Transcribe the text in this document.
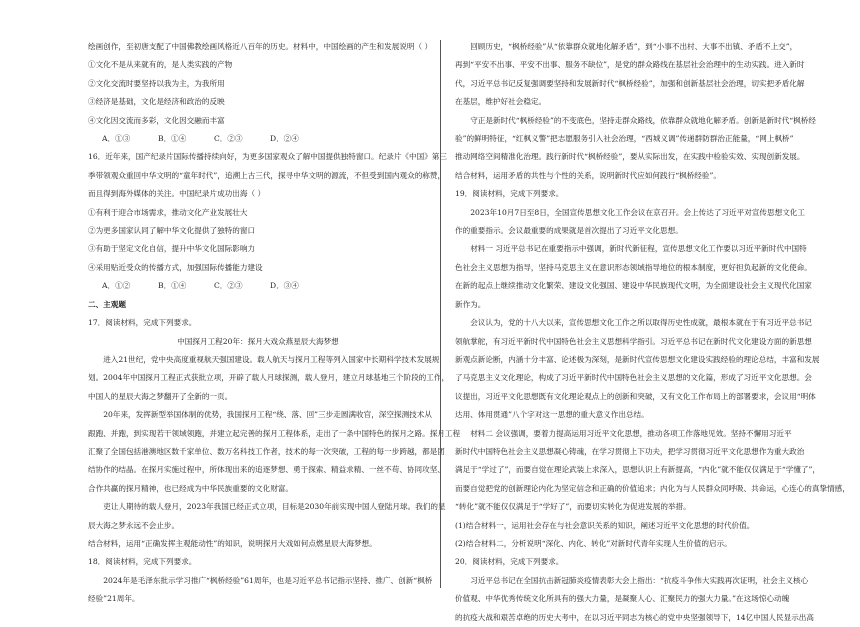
绘画创作，至初唐支配了中国佛教绘画风格近八百年的历史。材料中，中国绘画的产生和发展说明（ ）

①文化不是从来就有的，是人类实践的产物

②文化交流时要坚持以我为主，为我所用

③经济是基础，文化是经济和政治的反映

④文化因交流而多彩，文化因交融而丰富

A．①③	B．①④	C．②③	D．②④

16．近年来，国产纪录片国际传播持续向好，为更多国家观众了解中国提供独特窗口。纪录片《中国》第三

季带领观众重回中华文明的“童年时代”，追溯上古三代，探寻中华文明的源流，不但受到国内观众的称赞，

而且得到海外媒体的关注。中国纪录片成功出海（ ）

①有利于迎合市场需求，推动文化产业发展壮大

②为更多国家认同了解中华文化提供了独特的窗口

③有助于坚定文化自信，提升中华文化国际影响力

④采用贴近受众的传播方式，加强国际传播能力建设

A．①②	B．①④	C．②③	D．③④

二、主观题

17．阅读材料，完成下列要求。

中国探月工程20年：探月大戏众燕星辰大海梦想

进入21世纪，党中央高度重视航天强国建设。载人航天与探月工程等列入国家中长期科学技术发展规

划。2004年中国探月工程正式获批立项，开辟了载人月球探测，载人登月，建立月球基地三个阶段的工作，

中国人的星辰大海之梦翻开了全新的一页。

20年来，发挥新型举国体制的优势，我国探月工程“绕、落、回”三步走圆满收官，深空探测技术从

跟跑、并跑，到实现若干领域领跑，并建立起完善的探月工程体系，走出了一条中国特色的探月之路。探月工程

汇聚了全国包括港澳地区数千家单位、数万名科技工作者，技术的每一次突破，工程的每一步跨越，都是团

结协作的结晶。在探月实施过程中，所体现出来的追逐梦想、勇于探索、精益求精、一丝不苟、协同攻坚、

合作共赢的探月精神，也已经成为中华民族重要的文化财富。

吏让人期待的载人登月，2023年我国已经正式立项，目标是2030年前实现中国人登陆月球。我们的星

辰大海之梦永远不会止步。

结合材料，运用“正确发挥主观能动性”的知识，说明探月大戏如何点燃星辰大海梦想。

18．阅读材料，完成下列要求。

2024年是毛泽东批示学习推广“枫桥经验”61周年，也是习近平总书记指示坚持、推广、创新“枫桥

经验”21周年。

回顾历史，“枫桥经验”从“依靠群众就地化解矛盾”，到“小事不出村、大事不出镇、矛盾不上交”，

再到“平安不出事、平安不出事、服务不缺位”，是党的群众路线在基层社会治理中的生动实践。进入新时

代，习近平总书记反复强调要坚持和发展新时代“枫桥经验”，加强和创新基层社会治理，切实把矛盾化解

在基层，维护好社会稳定。

守正是新时代“枫桥经验”的不变底色，坚持走群众路线，依靠群众就地化解矛盾。创新是新时代“枫桥经

验”的鲜明特征，“红枫义警”把志愿服务引入社会治理，“西城义调”传递群防群治正能量，“网上枫桥”

推动网络空间精准化治理。践行新时代“枫桥经验”，要从实际出发，在实践中检验实效、实现创新发展。

结合材料，运用矛盾的共性与个性的关系，说明新时代应如何践行“枫桥经验”。

19．阅读材料，完成下列要求。

2023年10月7日至8日，全国宣传思想文化工作会议在京召开。会上传达了习近平对宣传思想文化工

作的重要指示。会议最重要的成果就是首次提出了习近平文化思想。

材料一 习近平总书记在重要指示中强调，新时代新征程，宣传思想文化工作要以习近平新时代中国特

色社会主义思想为指导，坚持马克思主义在意识形态领域指导地位的根本制度，更好担负起新的文化使命。

在新的起点上继续推动文化繁荣、建设文化强国、建设中华民族现代文明，为全面建设社会主义现代化国家

新作为。

会议认为，党的十八大以来，宣传思想文化工作之所以取得历史性成就，最根本就在于有习近平总书记

领航掌舵，有习近平新时代中国特色社会主义思想科学指引。习近平总书记在新时代文化建设方面的新思想

新观点新论断，内涵十分丰富、论述极为深刻，是新时代宣传思想文化建设实践经验的理论总结，丰富和发展

了马克思主义文化理论，构成了习近平新时代中国特色社会主义思想的文化篇，形成了习近平文化思想。会

议提出，习近平文化思想既有文化理论观点上的创新和突破，又有文化工作布局上的部署要求，会议用“明体

达用、体用贯通”八个字对这一思想的重大意义作出总结。

材料二 会议强调，要着力提高运用习近平文化思想，推动各项工作落地见效。坚持不懈用习近平

新时代中国特色社会主义思想凝心铸魂，在学习贯彻上下功夫，把学习贯彻习近平文化思想作为重大政治

满足于“学过了”，而要自觉在理论武装上求深入，思想认识上有新提高，“内化”就不能仅仅满足于“学懂了”，

而要自觉把党的创新理论内化为坚定信念和正确的价值追求；内化为与人民群众同呼吸、共命运，心连心的真挚情感，

“转化”就不能仅仅满足于“学好了”，而要切实转化为促进发展的举措。

(1)结合材料一，运用社会存在与社会意识关系的知识，阐述习近平文化思想的时代价值。

(2)结合材料二，分析说明“深化、内化、转化”对新时代青年实现人生价值的启示。

20．阅读材料，完成下列要求。

习近平总书记在全国抗击新冠肺炎疫情表彰大会上指出：“抗疫斗争伟大实践再次证明，社会主义核心

价值观、中华优秀传统文化所具有的强大力量，是凝聚人心、汇聚民力的强大力量。”在这场惊心动魄

的抗疫大战和艰苦卓绝的历史大考中，在以习近平同志为核心的党中央坚强领导下，14亿中国人民显示出高
